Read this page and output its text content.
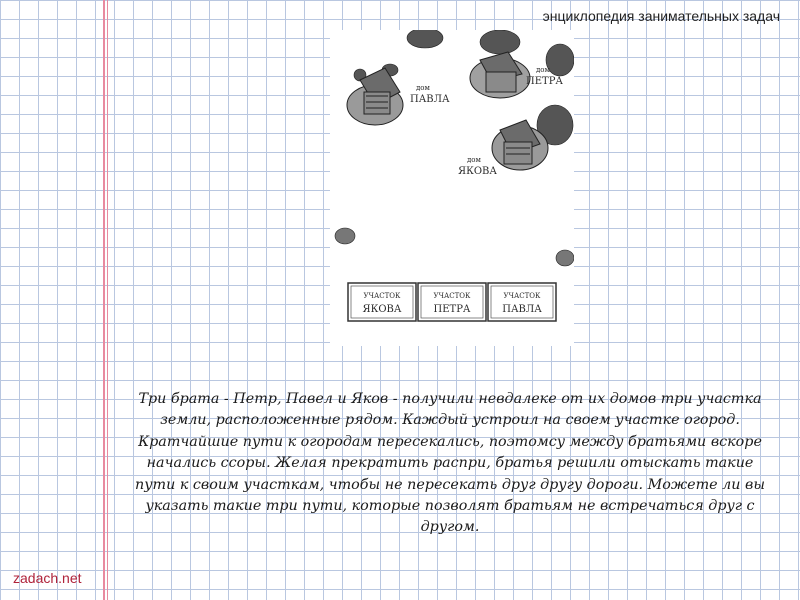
энциклопедия занимательных задач
дом
ПАВЛА
дом
ПЕТРА
дом
ЯКОВА
УЧАСТОК
ЯКОВА
УЧАСТОК
ПЕТРА
УЧАСТОК
ПАВЛА
Три брата - Петр, Павел и Яков - получили невдалеке от их домов три участка земли, расположенные рядом. Каждый устроил на своем участке огород. Кратчайшие пути к огородам пересекались, поэтомсу между братьями вскоре начались ссоры. Желая прекратить распри, братья решили отыскать такие пути к своим участкам, чтобы не пересекать друг другу дороги. Можете ли вы указать такие три пути, которые позволят братьям не встречаться друг с другом.
zadach.net
